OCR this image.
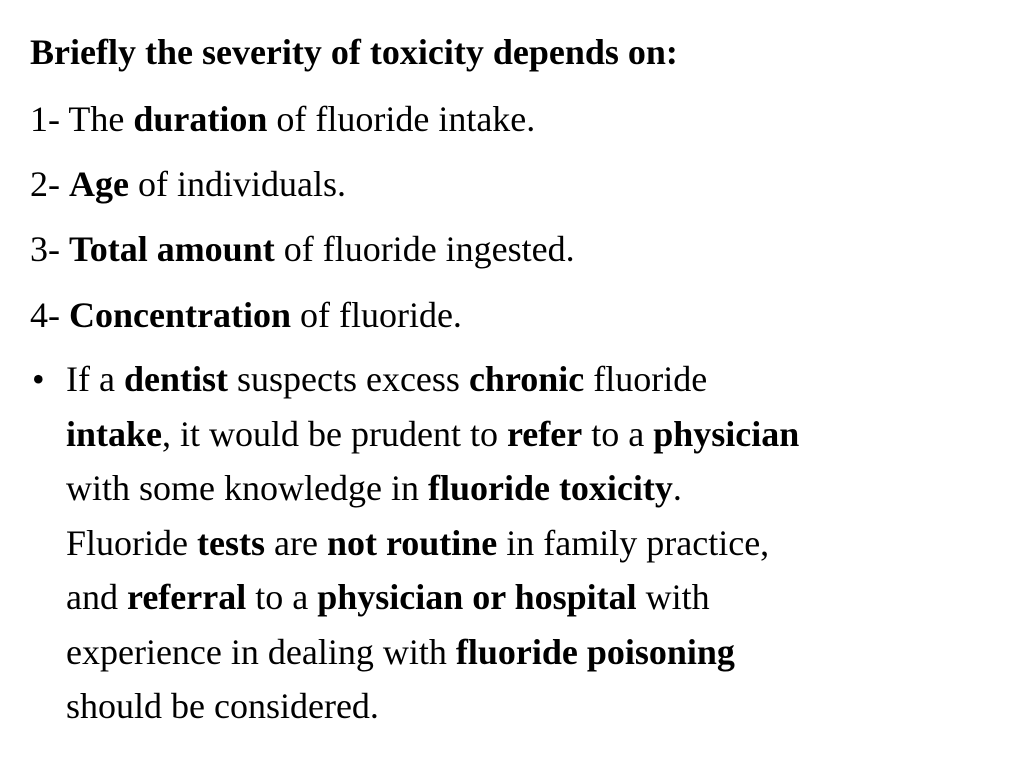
Briefly the severity of toxicity depends on:
1- The duration of fluoride intake.
2- Age of individuals.
3- Total amount of fluoride ingested.
4- Concentration of fluoride.
• If a dentist suspects excess chronic fluoride
intake, it would be prudent to refer to a physician
with some knowledge in fluoride toxicity.
Fluoride tests are not routine in family practice,
and referral to a physician or hospital with
experience in dealing with fluoride poisoning
should be considered.
